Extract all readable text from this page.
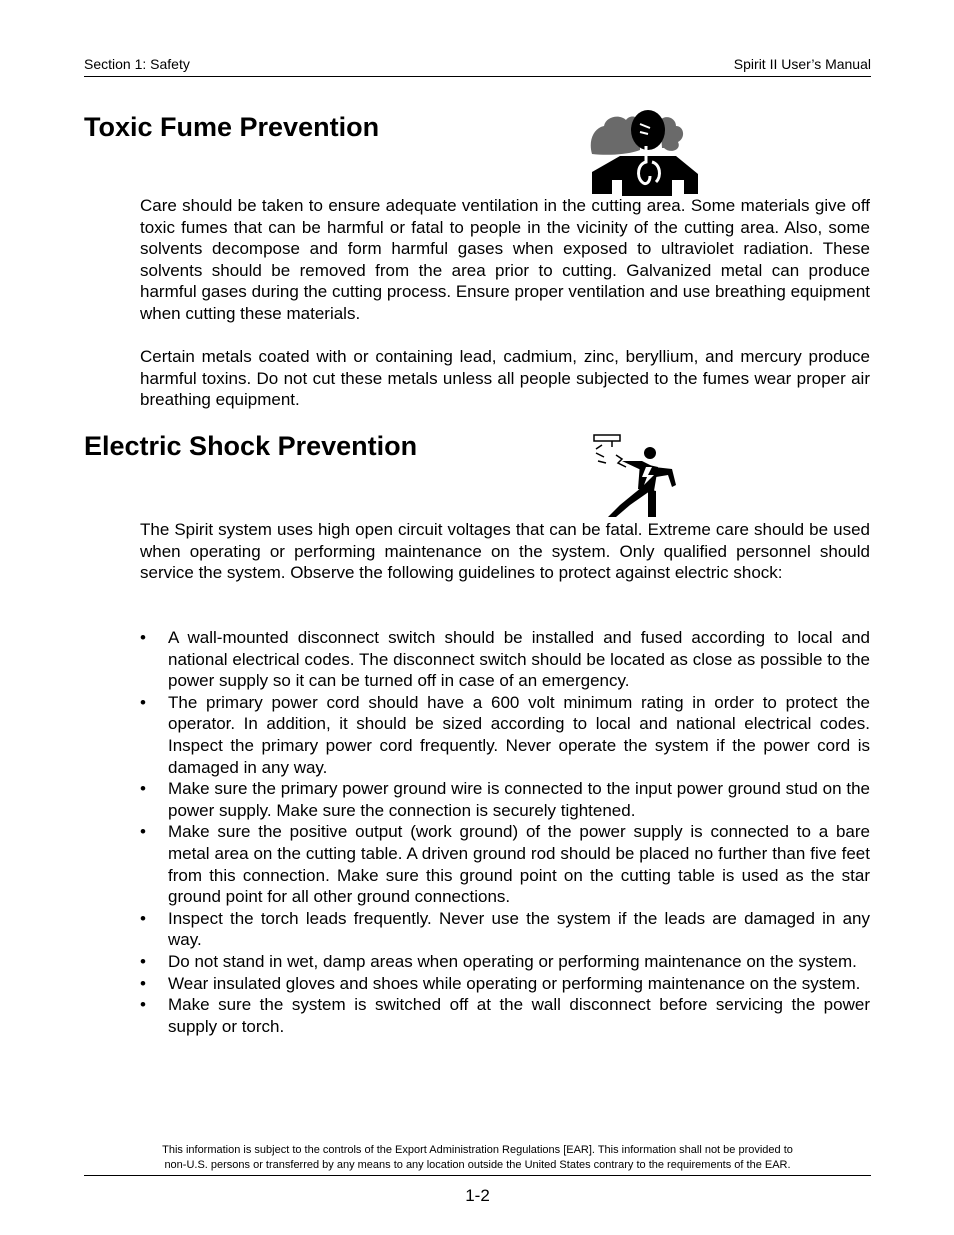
Section 1: Safety	Spirit II User’s Manual
Toxic Fume Prevention

Care should be taken to ensure adequate ventilation in the cutting area. Some materials give off toxic fumes that can be harmful or fatal to people in the vicinity of the cutting area. Also, some solvents decompose and form harmful gases when exposed to ultraviolet radiation. These solvents should be removed from the area prior to cutting. Galvanized metal can produce harmful gases during the cutting process. Ensure proper ventilation and use breathing equipment when cutting these materials.

Certain metals coated with or containing lead, cadmium, zinc, beryllium, and mercury produce harmful toxins. Do not cut these metals unless all people subjected to the fumes wear proper air breathing equipment.

Electric Shock Prevention

The Spirit system uses high open circuit voltages that can be fatal. Extreme care should be used when operating or performing maintenance on the system. Only qualified personnel should service the system. Observe the following guidelines to protect against electric shock:

• A wall-mounted disconnect switch should be installed and fused according to local and national electrical codes. The disconnect switch should be located as close as possible to the power supply so it can be turned off in case of an emergency.
• The primary power cord should have a 600 volt minimum rating in order to protect the operator. In addition, it should be sized according to local and national electrical codes. Inspect the primary power cord frequently. Never operate the system if the power cord is damaged in any way.
• Make sure the primary power ground wire is connected to the input power ground stud on the power supply. Make sure the connection is securely tightened.
• Make sure the positive output (work ground) of the power supply is connected to a bare metal area on the cutting table. A driven ground rod should be placed no further than five feet from this connection. Make sure this ground point on the cutting table is used as the star ground point for all other ground connections.
• Inspect the torch leads frequently. Never use the system if the leads are damaged in any way.
• Do not stand in wet, damp areas when operating or performing maintenance on the system.
• Wear insulated gloves and shoes while operating or performing maintenance on the system.
• Make sure the system is switched off at the wall disconnect before servicing the power supply or torch.
This information is subject to the controls of the Export Administration Regulations [EAR]. This information shall not be provided to
non-U.S. persons or transferred by any means to any location outside the United States contrary to the requirements of the EAR.
1-2
